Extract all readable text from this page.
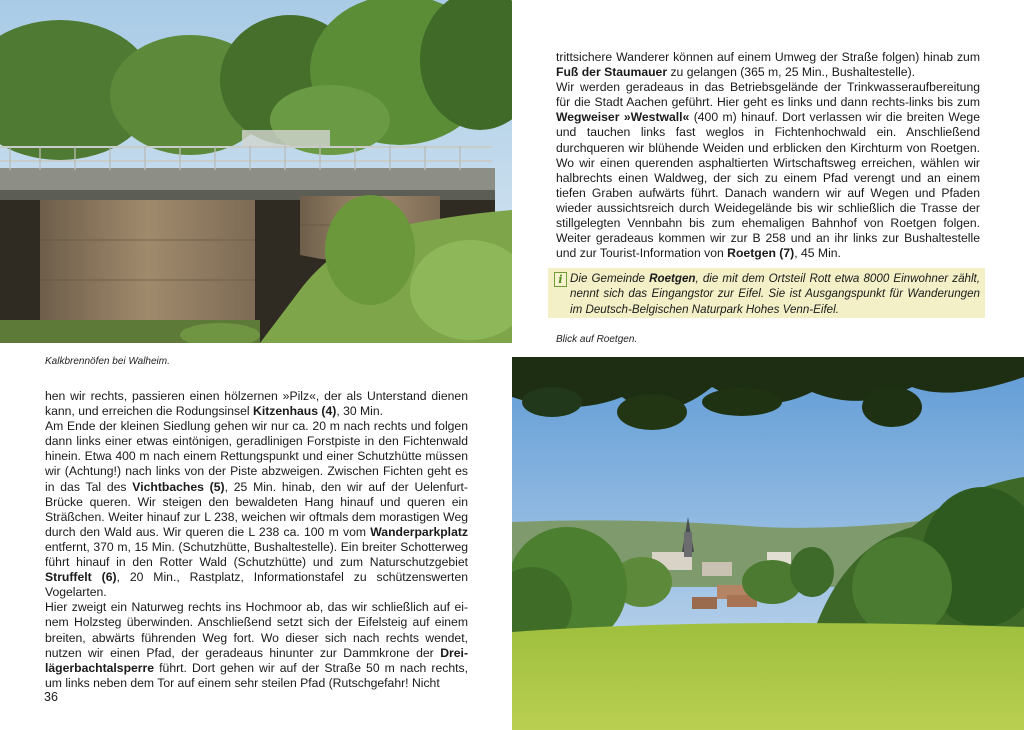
Kalkbrennöfen bei Walheim.

hen wir rechts, passieren einen hölzernen »Pilz«, der als Unterstand dienen kann, und erreichen die Rodungsinsel Kitzenhaus (4), 30 Min.

Am Ende der kleinen Siedlung gehen wir nur ca. 20 m nach rechts und folgen dann links einer etwas eintönigen, geradlinigen Forstpiste in den Fichtenwald hinein. Etwa 400 m nach einem Rettungspunkt und einer Schutzhütte müssen wir (Achtung!) nach links von der Piste abzweigen. Zwischen Fichten geht es in das Tal des Vichtbaches (5), 25 Min. hinab, den wir auf der Uelenfurt-Brücke queren. Wir steigen den bewaldeten Hang hinauf und queren ein Sträßchen. Weiter hinauf zur L 238, weichen wir oftmals dem morastigen Weg durch den Wald aus. Wir queren die L 238 ca. 100 m vom Wanderparkplatz entfernt, 370 m, 15 Min. (Schutzhütte, Bushaltestelle). Ein breiter Schotterweg führt hinauf in den Rotter Wald (Schutzhütte) und zum Naturschutzgebiet Struffelt (6), 20 Min., Rastplatz, Informationstafel zu schützenswerten Vogelarten.

Hier zweigt ein Naturweg rechts ins Hochmoor ab, das wir schließlich auf einem Holzsteg überwinden. Anschließend setzt sich der Eifelsteig auf einem breiten, abwärts führenden Weg fort. Wo dieser sich nach rechts wendet, nutzen wir einen Pfad, der geradeaus hinunter zur Dammkrone der Dreilägerbachtalsperre führt. Dort gehen wir auf der Straße 50 m nach rechts, um links neben dem Tor auf einem sehr steilen Pfad (Rutschgefahr! Nicht

36

trittsichere Wanderer können auf einem Umweg der Straße folgen) hinab zum Fuß der Staumauer zu gelangen (365 m, 25 Min., Bushaltestelle).

Wir werden geradeaus in das Betriebsgelände der Trinkwasseraufbereitung für die Stadt Aachen geführt. Hier geht es links und dann rechts-links bis zum Wegweiser »Westwall« (400 m) hinauf. Dort verlassen wir die breiten Wege und tauchen links fast weglos in Fichtenhochwald ein. Anschließend durchqueren wir blühende Weiden und erblicken den Kirchturm von Roetgen. Wo wir einen querenden asphaltierten Wirtschaftsweg erreichen, wählen wir halbrechts einen Waldweg, der sich zu einem Pfad verengt und an einem tiefen Graben aufwärts führt. Danach wandern wir auf Wegen und Pfaden wieder aussichtsreich durch Weidegelände bis wir schließlich die Trasse der stillgelegten Vennbahn bis zum ehemaligen Bahnhof von Roetgen folgen. Weiter geradeaus kommen wir zur B 258 und an ihr links zur Bushaltestelle und zur Tourist-Information von Roetgen (7), 45 Min.

i Die Gemeinde Roetgen, die mit dem Ortsteil Rott etwa 8000 Einwohner zählt, nennt sich das Eingangstor zur Eifel. Sie ist Ausgangspunkt für Wanderungen im Deutsch-Belgischen Naturpark Hohes Venn-Eifel.
Blick auf Roetgen.
